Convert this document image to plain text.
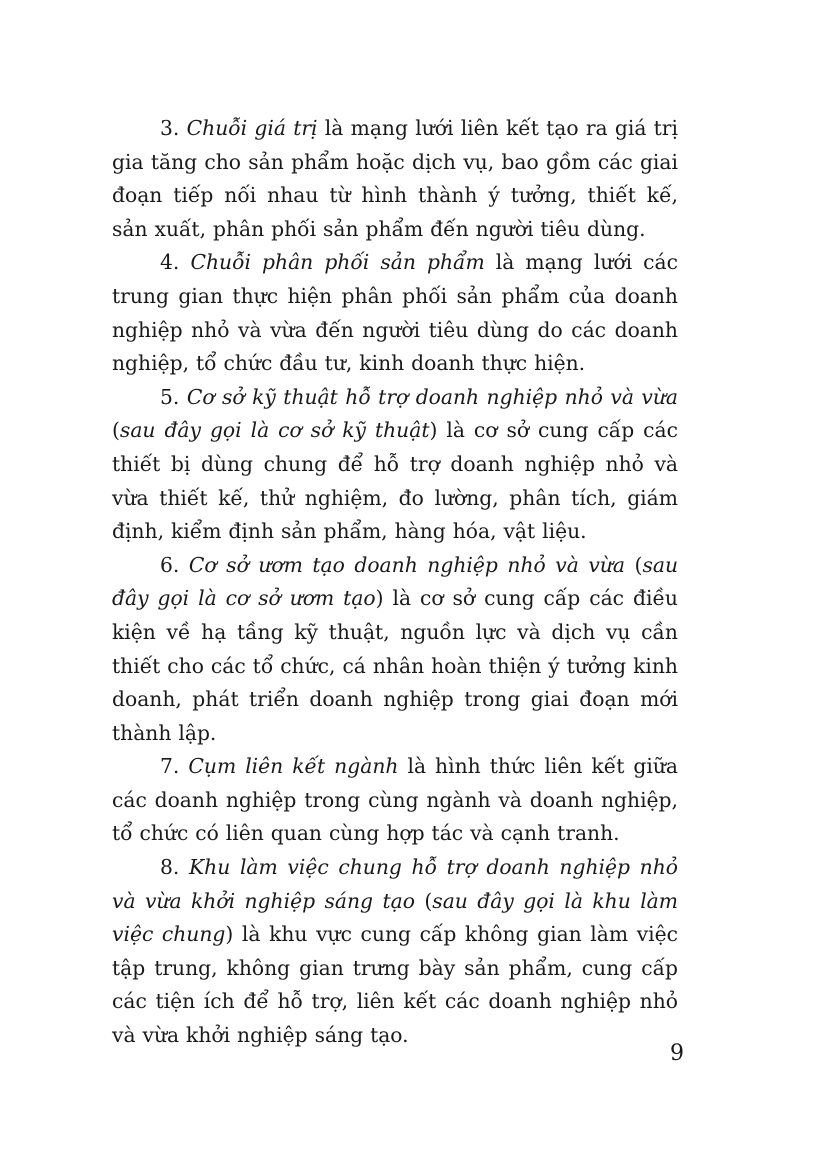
3. Chuỗi giá trị là mạng lưới liên kết tạo ra giá trị gia tăng cho sản phẩm hoặc dịch vụ, bao gồm các giai đoạn tiếp nối nhau từ hình thành ý tưởng, thiết kế, sản xuất, phân phối sản phẩm đến người tiêu dùng.

4. Chuỗi phân phối sản phẩm là mạng lưới các trung gian thực hiện phân phối sản phẩm của doanh nghiệp nhỏ và vừa đến người tiêu dùng do các doanh nghiệp, tổ chức đầu tư, kinh doanh thực hiện.

5. Cơ sở kỹ thuật hỗ trợ doanh nghiệp nhỏ và vừa (sau đây gọi là cơ sở kỹ thuật) là cơ sở cung cấp các thiết bị dùng chung để hỗ trợ doanh nghiệp nhỏ và vừa thiết kế, thử nghiệm, đo lường, phân tích, giám định, kiểm định sản phẩm, hàng hóa, vật liệu.

6. Cơ sở ươm tạo doanh nghiệp nhỏ và vừa (sau đây gọi là cơ sở ươm tạo) là cơ sở cung cấp các điều kiện về hạ tầng kỹ thuật, nguồn lực và dịch vụ cần thiết cho các tổ chức, cá nhân hoàn thiện ý tưởng kinh doanh, phát triển doanh nghiệp trong giai đoạn mới thành lập.

7. Cụm liên kết ngành là hình thức liên kết giữa các doanh nghiệp trong cùng ngành và doanh nghiệp, tổ chức có liên quan cùng hợp tác và cạnh tranh.

8. Khu làm việc chung hỗ trợ doanh nghiệp nhỏ và vừa khởi nghiệp sáng tạo (sau đây gọi là khu làm việc chung) là khu vực cung cấp không gian làm việc tập trung, không gian trưng bày sản phẩm, cung cấp các tiện ích để hỗ trợ, liên kết các doanh nghiệp nhỏ và vừa khởi nghiệp sáng tạo.

9
